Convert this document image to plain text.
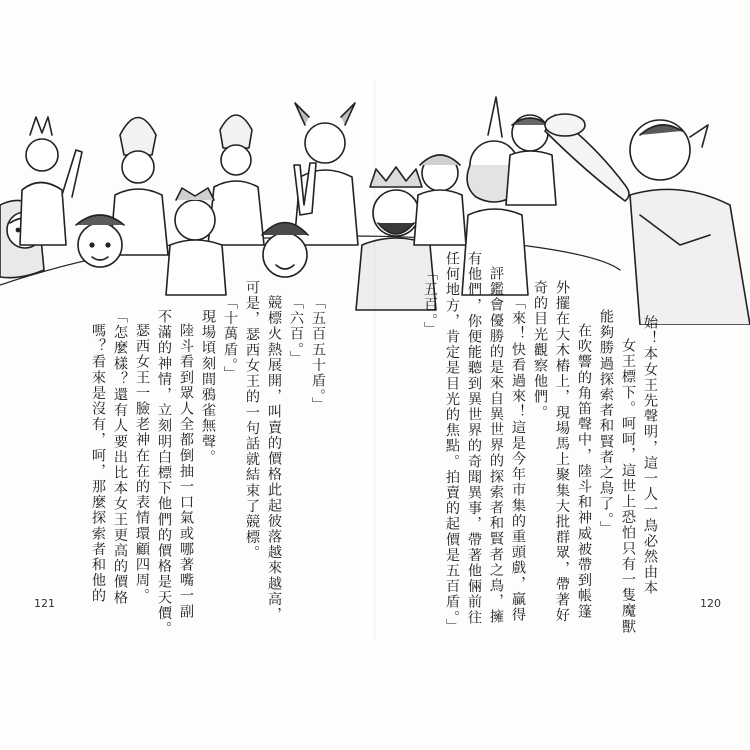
始！本女王先聲明，這一人一鳥必然由本
女王標下。呵呵，這世上恐怕只有一隻魔獸
能夠勝過探索者和賢者之鳥了。」
在吹響的角笛聲中，陸斗和神威被帶到帳篷
外擺在大木樁上，現場馬上聚集大批群眾，帶著好
奇的目光觀察他們。
「來！快看過來！這是今年市集的重頭戲，贏得
評鑑會優勝的是來自異世界的探索者和賢者之鳥，擁
有他們，你便能聽到異世界的奇聞異事，帶著他倆前往
任何地方，肯定是目光的焦點。拍賣的起價是五百盾。」
「五百。」
「五百五十盾。」
「六百。」
競標火熱展開，叫賣的價格此起彼落越來越高，
可是，瑟西女王的一句話就結束了競標。
「十萬盾。」
現場頃刻間鴉雀無聲。
陸斗看到眾人全都倒抽一口氣或哪著嘴一副
不滿的神情，立刻明白標下他們的價格是天價。
瑟西女王一臉老神在在的表情環顧四周。
「怎麼樣？還有人要出比本女王更高的價格
嗎？看來是沒有，呵，那麼探索者和他的
121	120
